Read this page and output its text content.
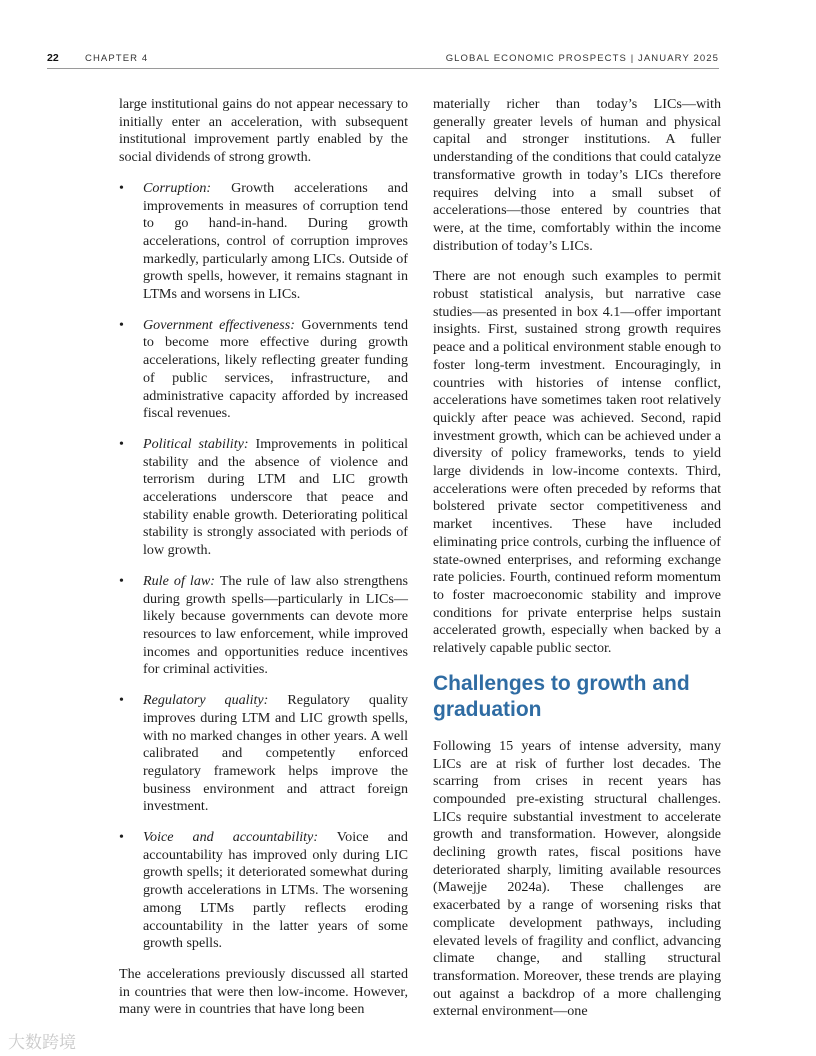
22	CHAPTER 4	GLOBAL ECONOMIC PROSPECTS | JANUARY 2025

large institutional gains do not appear necessary to initially enter an acceleration, with subsequent institutional improvement partly enabled by the social dividends of strong growth.

• Corruption: Growth accelerations and improvements in measures of corruption tend to go hand-in-hand. During growth accelerations, control of corruption improves markedly, particularly among LICs. Outside of growth spells, however, it remains stagnant in LTMs and worsens in LICs.
• Government effectiveness: Governments tend to become more effective during growth accelerations, likely reflecting greater funding of public services, infrastructure, and administrative capacity afforded by increased fiscal revenues.
• Political stability: Improvements in political stability and the absence of violence and terrorism during LTM and LIC growth accelerations underscore that peace and stability enable growth. Deteriorating political stability is strongly associated with periods of low growth.
• Rule of law: The rule of law also strengthens during growth spells—particularly in LICs—likely because governments can devote more resources to law enforcement, while improved incomes and opportunities reduce incentives for criminal activities.
• Regulatory quality: Regulatory quality improves during LTM and LIC growth spells, with no marked changes in other years. A well calibrated and competently enforced regulatory framework helps improve the business environment and attract foreign investment.
• Voice and accountability: Voice and accountability has improved only during LIC growth spells; it deteriorated somewhat during growth accelerations in LTMs. The worsening among LTMs partly reflects eroding accountability in the latter years of some growth spells.

The accelerations previously discussed all started in countries that were then low-income. However, many were in countries that have long been

materially richer than today’s LICs—with generally greater levels of human and physical capital and stronger institutions. A fuller understanding of the conditions that could catalyze transformative growth in today’s LICs therefore requires delving into a small subset of accelerations—those entered by countries that were, at the time, comfortably within the income distribution of today’s LICs.

There are not enough such examples to permit robust statistical analysis, but narrative case studies—as presented in box 4.1—offer important insights. First, sustained strong growth requires peace and a political environment stable enough to foster long-term investment. Encouragingly, in countries with histories of intense conflict, accelerations have sometimes taken root relatively quickly after peace was achieved. Second, rapid investment growth, which can be achieved under a diversity of policy frameworks, tends to yield large dividends in low-income contexts. Third, accelerations were often preceded by reforms that bolstered private sector competitiveness and market incentives. These have included eliminating price controls, curbing the influence of state-owned enterprises, and reforming exchange rate policies. Fourth, continued reform momentum to foster macroeconomic stability and improve conditions for private enterprise helps sustain accelerated growth, especially when backed by a relatively capable public sector.

Challenges to growth and graduation

Following 15 years of intense adversity, many LICs are at risk of further lost decades. The scarring from crises in recent years has compounded pre-existing structural challenges. LICs require substantial investment to accelerate growth and transformation. However, alongside declining growth rates, fiscal positions have deteriorated sharply, limiting available resources (Mawejje 2024a). These challenges are exacerbated by a range of worsening risks that complicate development pathways, including elevated levels of fragility and conflict, advancing climate change, and stalling structural transformation. Moreover, these trends are playing out against a backdrop of a more challenging external environment—one

大数跨境
